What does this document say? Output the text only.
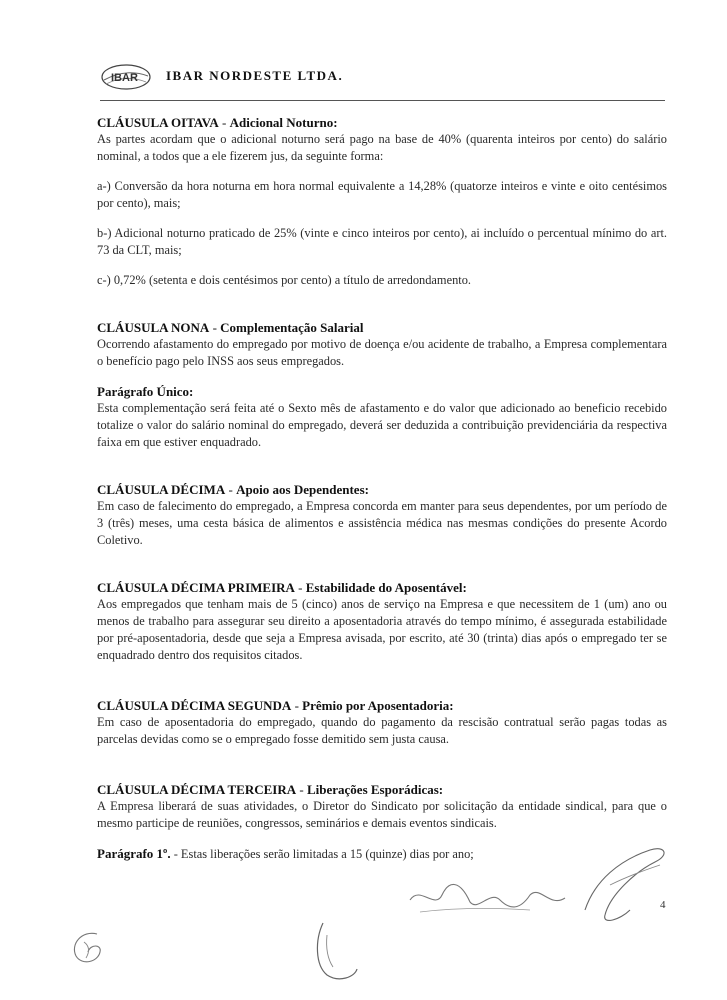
IBAR IBAR NORDESTE LTDA.

CLÁUSULA OITAVA - Adicional Noturno:

As partes acordam que o adicional noturno será pago na base de 40% (quarenta inteiros por cento) do salário nominal, a todos que a ele fizerem jus, da seguinte forma:

a-) Conversão da hora noturna em hora normal equivalente a 14,28% (quatorze inteiros e vinte e oito centésimos por cento), mais;

b-) Adicional noturno praticado de 25% (vinte e cinco inteiros por cento), ai incluído o percentual mínimo do art. 73 da CLT, mais;

c-) 0,72% (setenta e dois centésimos por cento) a título de arredondamento.

CLÁUSULA NONA - Complementação Salarial

Ocorrendo afastamento do empregado por motivo de doença e/ou acidente de trabalho, a Empresa complementara o benefício pago pelo INSS aos seus empregados.

Parágrafo Único:

Esta complementação será feita até o Sexto mês de afastamento e do valor que adicionado ao beneficio recebido totalize o valor do salário nominal do empregado, deverá ser deduzida a contribuição previdenciária da respectiva faixa em que estiver enquadrado.

CLÁUSULA DÉCIMA - Apoio aos Dependentes:

Em caso de falecimento do empregado, a Empresa concorda em manter para seus dependentes, por um período de 3 (três) meses, uma cesta básica de alimentos e assistência médica nas mesmas condições do presente Acordo Coletivo.

CLÁUSULA DÉCIMA PRIMEIRA - Estabilidade do Aposentável:

Aos empregados que tenham mais de 5 (cinco) anos de serviço na Empresa e que necessitem de 1 (um) ano ou menos de trabalho para assegurar seu direito a aposentadoria através do tempo mínimo, é assegurada estabilidade por pré-aposentadoria, desde que seja a Empresa avisada, por escrito, até 30 (trinta) dias após o empregado ter se enquadrado dentro dos requisitos citados.

CLÁUSULA DÉCIMA SEGUNDA - Prêmio por Aposentadoria:

Em caso de aposentadoria do empregado, quando do pagamento da rescisão contratual serão pagas todas as parcelas devidas como se o empregado fosse demitido sem justa causa.

CLÁUSULA DÉCIMA TERCEIRA - Liberações Esporádicas:

A Empresa liberará de suas atividades, o Diretor do Sindicato por solicitação da entidade sindical, para que o mesmo participe de reuniões, congressos, seminários e demais eventos sindicais.

Parágrafo 1º. - Estas liberações serão limitadas a 15 (quinze) dias por ano;

4
